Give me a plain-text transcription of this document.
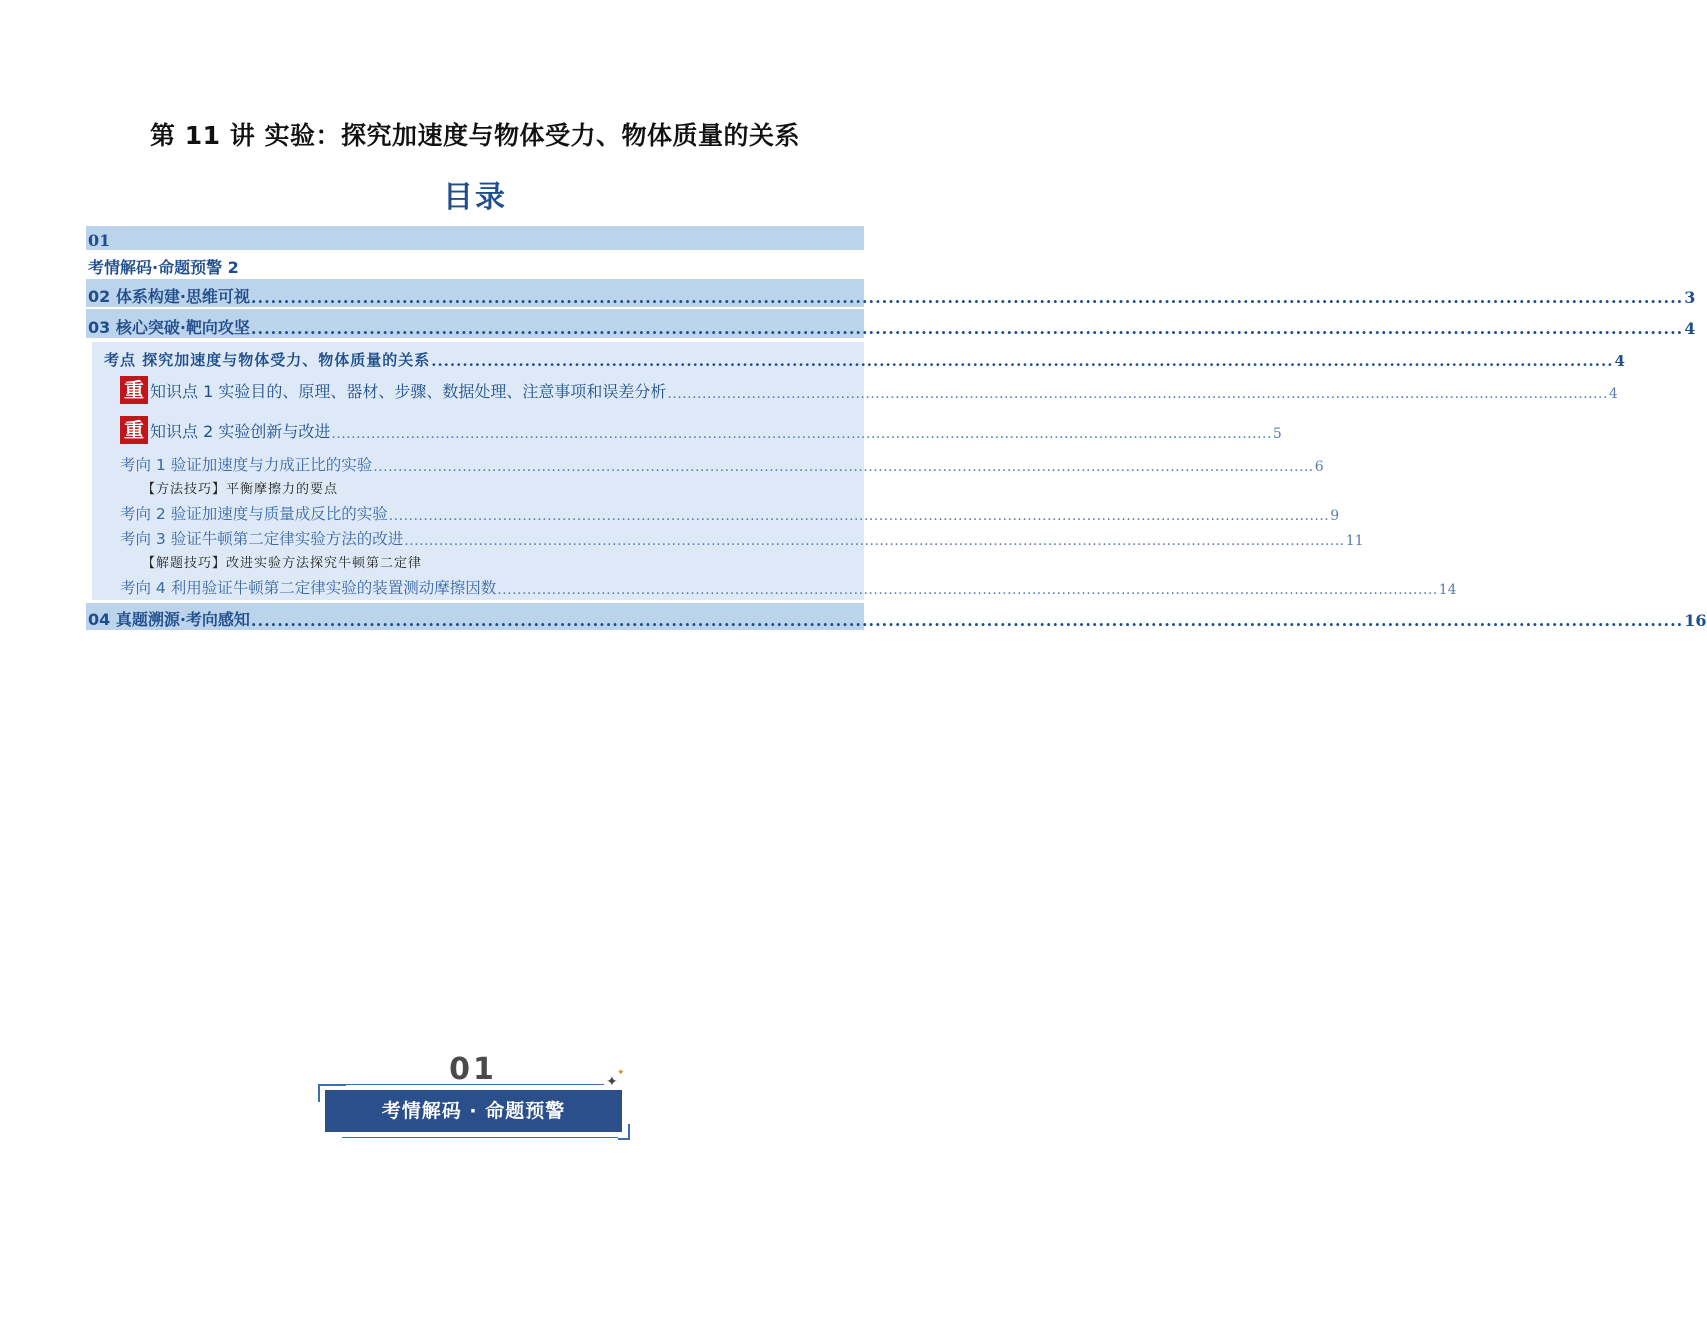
第 11 讲 实验：探究加速度与物体受力、物体质量的关系
目录
01
考情解码·命题预警 2
02 体系构建·思维可视 .......................................................................................................................................................................................................................... 3
03 核心突破·靶向攻坚 .......................................................................................................................................................................................................................... 4
考点 探究加速度与物体受力、物体质量的关系 .............................................................................................................................................................................................. 4
重 知识点 1 实验目的、原理、器材、步骤、数据处理、注意事项和误差分析 .............................................................................................................................................................................................. 4
重 知识点 2 实验创新与改进 .............................................................................................................................................................................................. 5
考向 1 验证加速度与力成正比的实验 .............................................................................................................................................................................................. 6
【方法技巧】平衡摩擦力的要点
考向 2 验证加速度与质量成反比的实验 .............................................................................................................................................................................................. 9
考向 3 验证牛顿第二定律实验方法的改进 .............................................................................................................................................................................................. 11
【解题技巧】改进实验方法探究牛顿第二定律
考向 4 利用验证牛顿第二定律实验的装置测动摩擦因数 .............................................................................................................................................................................................. 14
04 真题溯源·考向感知 .......................................................................................................................................................................................................................... 16
01	✦
✦
考情解码 · 命题预警
